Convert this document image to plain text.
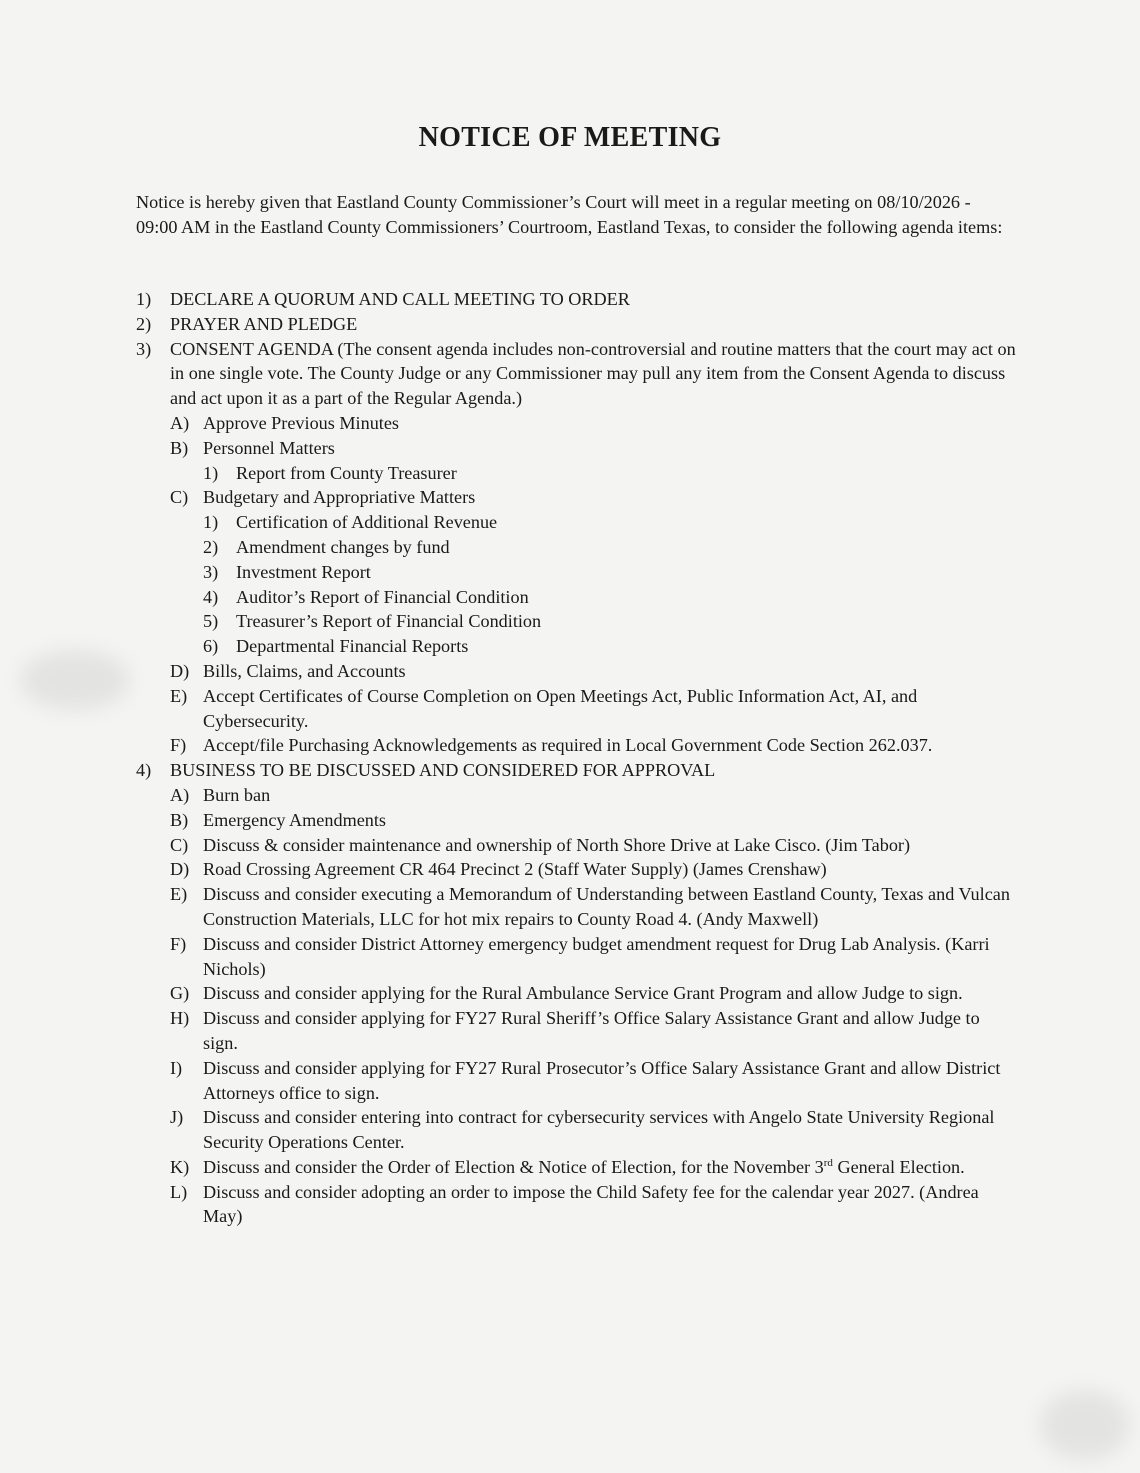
NOTICE OF MEETING
Notice is hereby given that Eastland County Commissioner’s Court will meet in a regular meeting on 08/10/2026 - 09:00 AM in the Eastland County Commissioners’ Courtroom, Eastland Texas, to consider the following agenda items:
1) DECLARE A QUORUM AND CALL MEETING TO ORDER
2) PRAYER AND PLEDGE
3) CONSENT AGENDA (The consent agenda includes non-controversial and routine matters that the court may act on in one single vote. The County Judge or any Commissioner may pull any item from the Consent Agenda to discuss and act upon it as a part of the Regular Agenda.)
A) Approve Previous Minutes
B) Personnel Matters
1) Report from County Treasurer
C) Budgetary and Appropriative Matters
1) Certification of Additional Revenue
2) Amendment changes by fund
3) Investment Report
4) Auditor’s Report of Financial Condition
5) Treasurer’s Report of Financial Condition
6) Departmental Financial Reports
D) Bills, Claims, and Accounts
E) Accept Certificates of Course Completion on Open Meetings Act, Public Information Act, AI, and Cybersecurity.
F) Accept/file Purchasing Acknowledgements as required in Local Government Code Section 262.037.
4) BUSINESS TO BE DISCUSSED AND CONSIDERED FOR APPROVAL
A) Burn ban
B) Emergency Amendments
C) Discuss & consider maintenance and ownership of North Shore Drive at Lake Cisco. (Jim Tabor)
D) Road Crossing Agreement CR 464 Precinct 2 (Staff Water Supply) (James Crenshaw)
E) Discuss and consider executing a Memorandum of Understanding between Eastland County, Texas and Vulcan Construction Materials, LLC for hot mix repairs to County Road 4. (Andy Maxwell)
F) Discuss and consider District Attorney emergency budget amendment request for Drug Lab Analysis. (Karri Nichols)
G) Discuss and consider applying for the Rural Ambulance Service Grant Program and allow Judge to sign.
H) Discuss and consider applying for FY27 Rural Sheriff’s Office Salary Assistance Grant and allow Judge to sign.
I) Discuss and consider applying for FY27 Rural Prosecutor’s Office Salary Assistance Grant and allow District Attorneys office to sign.
J) Discuss and consider entering into contract for cybersecurity services with Angelo State University Regional Security Operations Center.
K) Discuss and consider the Order of Election & Notice of Election, for the November 3rd General Election.
L) Discuss and consider adopting an order to impose the Child Safety fee for the calendar year 2027. (Andrea May)
